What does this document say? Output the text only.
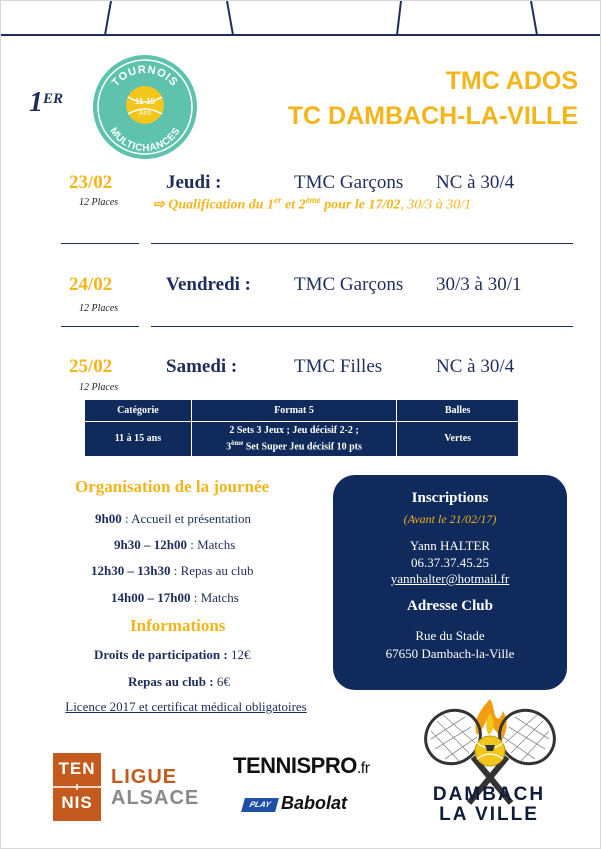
1ER
TOURNOIS
MULTICHANCES
11-15
Ans
TMC ADOS
TC DAMBACH-LA-VILLE
23/02
12 Places
Jeudi :	TMC Garçons NC à 30/4
⇨ Qualification du 1er et 2ème pour le 17/02, 30/3 à 30/1
24/02
12 Places
Vendredi : TMC Garçons 30/3 à 30/1
25/02
12 Places
Samedi :	TMC Filles	NC à 30/4
Catégorie	Format 5	Balles
11 à 15 ans	2 Sets 3 Jeux ; Jeu décisif 2-2 ;
3ème Set Super Jeu décisif 10 pts	Vertes
Organisation de la journée
9h00 : Accueil et présentation
9h30 – 12h00 : Matchs
12h30 – 13h30 : Repas au club
14h00 – 17h00 : Matchs
Informations
Droits de participation : 12€
Repas au club : 6€
Licence 2017 et certificat médical obligatoires
Inscriptions
(Avant le 21/02/17)
Yann HALTER
06.37.37.45.25
yannhalter@hotmail.fr
Adresse Club
Rue du Stade
67650 Dambach-la-Ville
TEN
NIS
LIGUE
ALSACE
TENNISPRO.fr
PLAY Babolat	DAMBACH
LA VILLE
